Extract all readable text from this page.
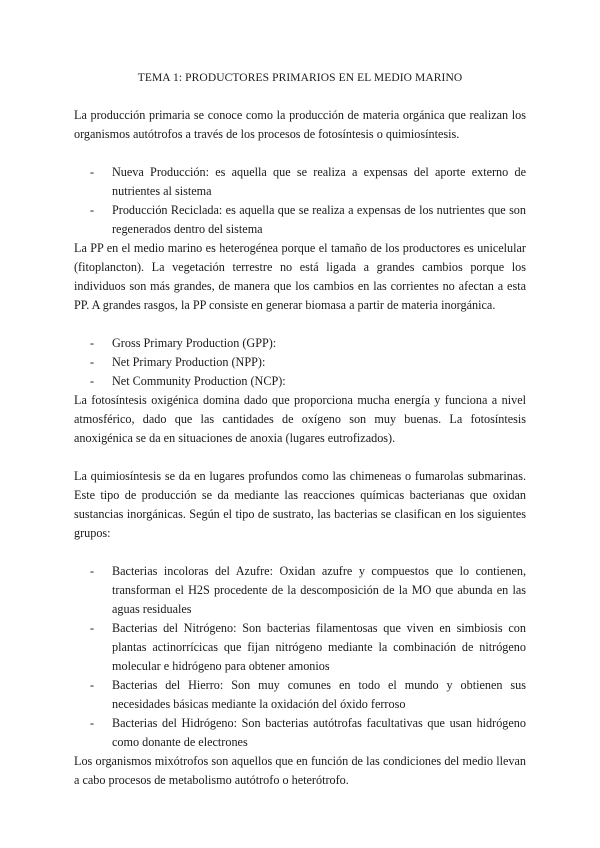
TEMA 1: PRODUCTORES PRIMARIOS EN EL MEDIO MARINO

La producción primaria se conoce como la producción de materia orgánica que realizan los organismos autótrofos a través de los procesos de fotosíntesis o quimiosíntesis.

- Nueva Producción: es aquella que se realiza a expensas del aporte externo de nutrientes al sistema
- Producción Reciclada: es aquella que se realiza a expensas de los nutrientes que son regenerados dentro del sistema

La PP en el medio marino es heterogénea porque el tamaño de los productores es unicelular (fitoplancton). La vegetación terrestre no está ligada a grandes cambios porque los individuos son más grandes, de manera que los cambios en las corrientes no afectan a esta PP. A grandes rasgos, la PP consiste en generar biomasa a partir de materia inorgánica.

- Gross Primary Production (GPP):
- Net Primary Production (NPP):
- Net Community Production (NCP):

La fotosíntesis oxigénica domina dado que proporciona mucha energía y funciona a nivel atmosférico, dado que las cantidades de oxígeno son muy buenas. La fotosíntesis anoxigénica se da en situaciones de anoxia (lugares eutrofizados).

La quimiosíntesis se da en lugares profundos como las chimeneas o fumarolas submarinas. Este tipo de producción se da mediante las reacciones químicas bacterianas que oxidan sustancias inorgánicas. Según el tipo de sustrato, las bacterias se clasifican en los siguientes grupos:

- Bacterias incoloras del Azufre: Oxidan azufre y compuestos que lo contienen, transforman el H2S procedente de la descomposición de la MO que abunda en las aguas residuales
- Bacterias del Nitrógeno: Son bacterias filamentosas que viven en simbiosis con plantas actinorrícicas que fijan nitrógeno mediante la combinación de nitrógeno molecular e hidrógeno para obtener amonios
- Bacterias del Hierro: Son muy comunes en todo el mundo y obtienen sus necesidades básicas mediante la oxidación del óxido ferroso
- Bacterias del Hidrógeno: Son bacterias autótrofas facultativas que usan hidrógeno como donante de electrones

Los organismos mixótrofos son aquellos que en función de las condiciones del medio llevan a cabo procesos de metabolismo autótrofo o heterótrofo.
